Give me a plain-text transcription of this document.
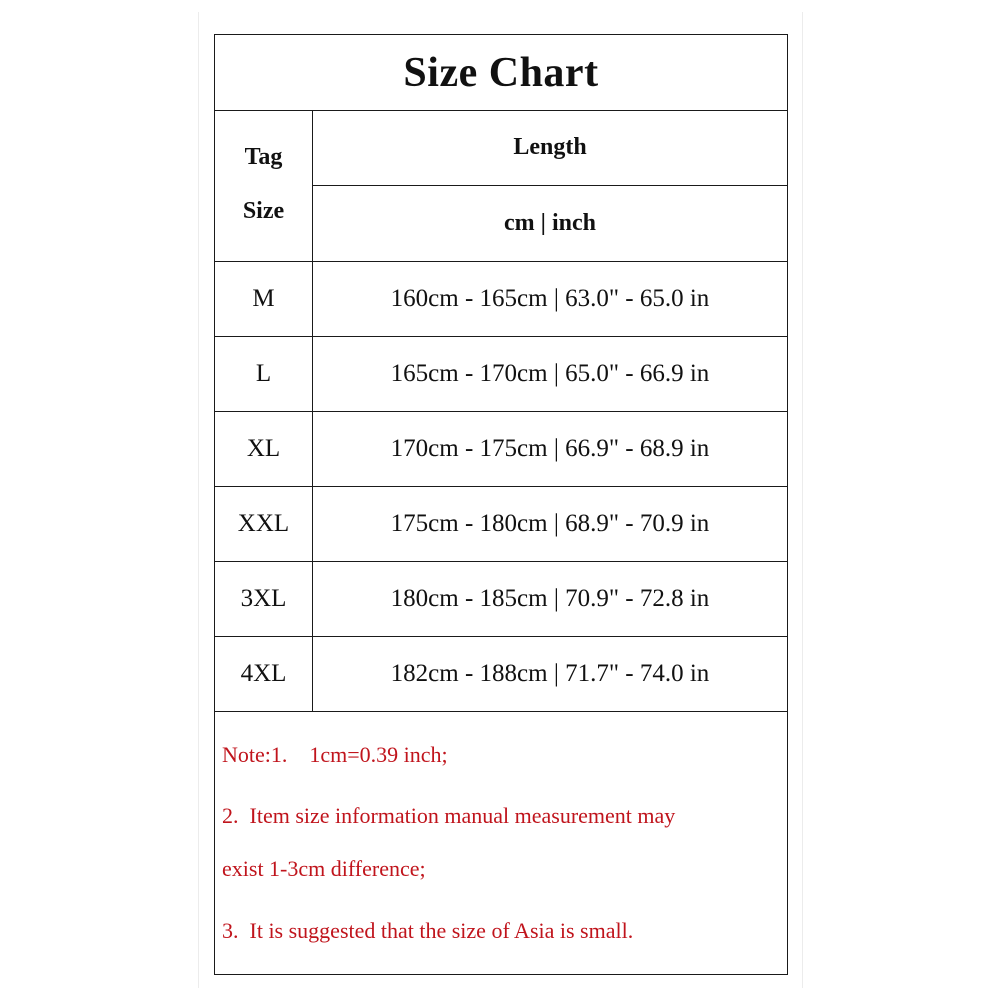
Size Chart
Tag
Size
Length
cm | inch
M	160cm - 165cm | 63.0" - 65.0 in
L	165cm - 170cm | 65.0" - 66.9 in
XL	170cm - 175cm | 66.9" - 68.9 in
XXL	175cm - 180cm | 68.9" - 70.9 in
3XL	180cm - 185cm | 70.9" - 72.8 in
4XL	182cm - 188cm | 71.7" - 74.0 in
Note:1.    1cm=0.39 inch;
2.  Item size information manual measurement may
exist 1-3cm difference;
3.  It is suggested that the size of Asia is small.
